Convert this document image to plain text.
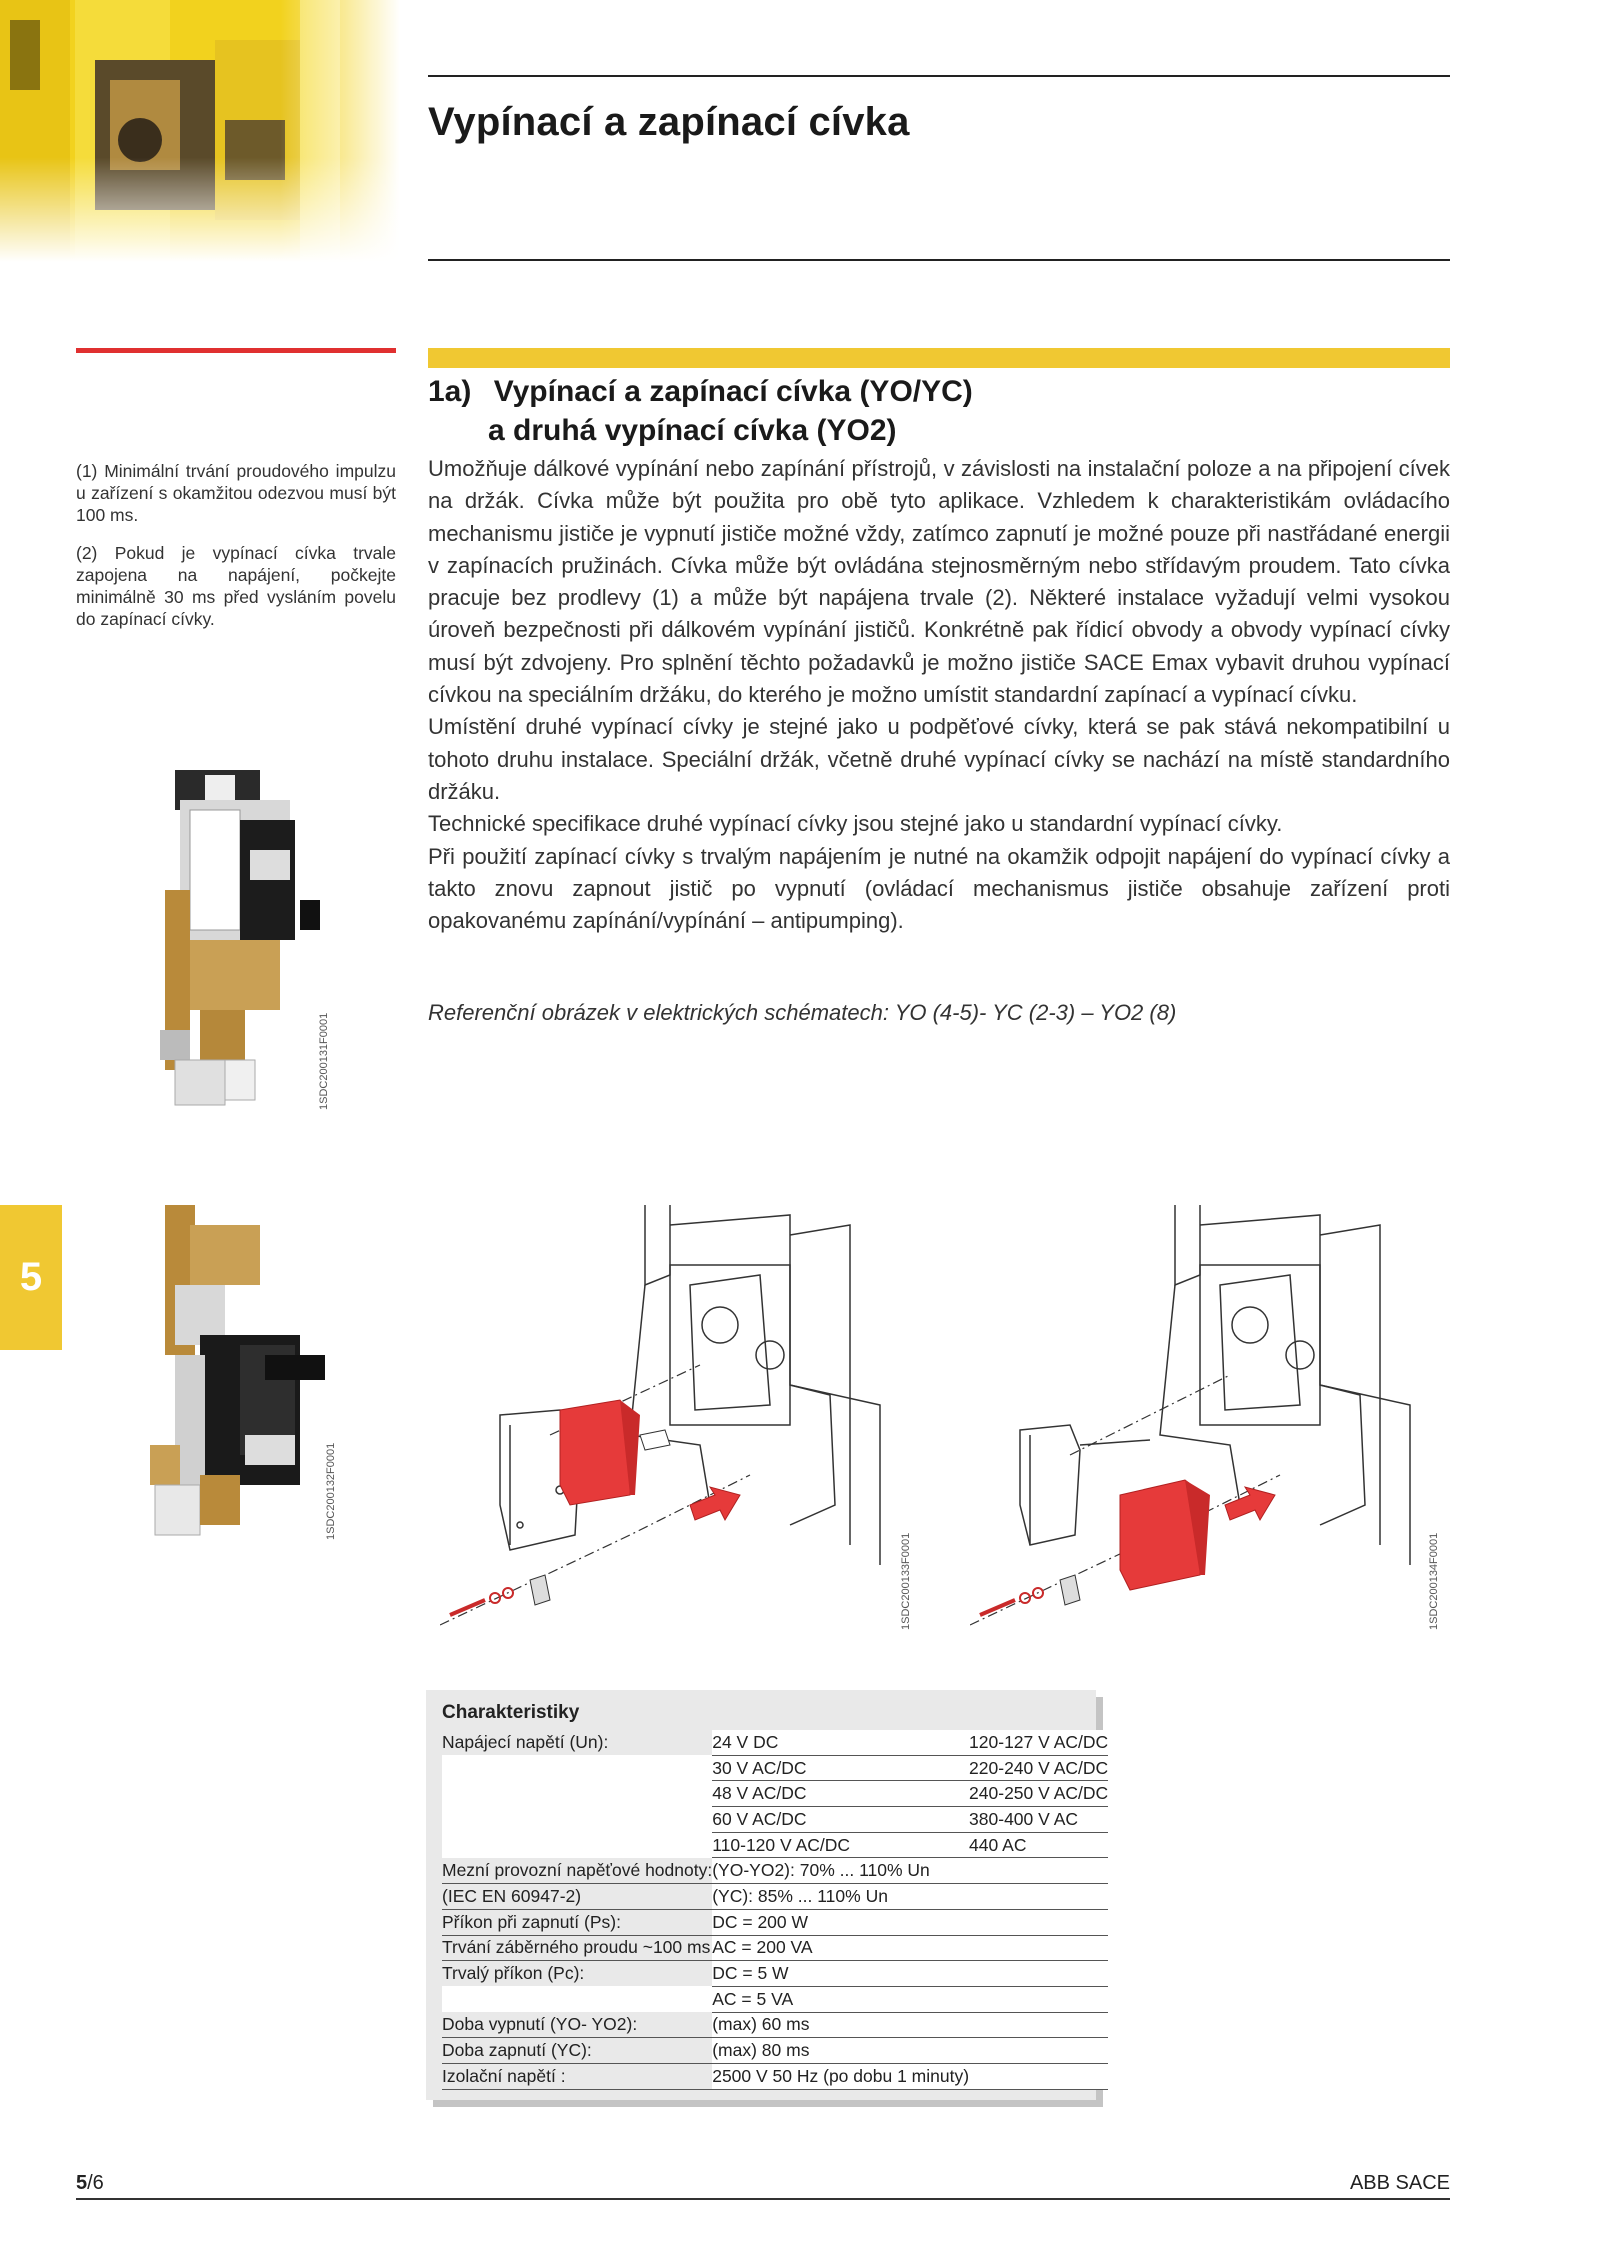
Vypínací a zapínací cívka
1a) Vypínací a zapínací cívka (YO/YC)
a druhá vypínací cívka (YO2)

(1) Minimální trvání proudového impulzu u zařízení s okamžitou odezvou musí být 100 ms.

(2) Pokud je vypínací cívka trvale zapojena na napájení, počkejte minimálně 30 ms před vysláním povelu do zapínací cívky.

Umožňuje dálkové vypínání nebo zapínání přístrojů, v závislosti na instalační poloze a na připojení cívek na držák. Cívka může být použita pro obě tyto aplikace. Vzhledem k charakteristikám ovládacího mechanismu jističe je vypnutí jističe možné vždy, zatímco zapnutí je možné pouze při nastřádané energii v zapínacích pružinách. Cívka může být ovládána stejnosměrným nebo střídavým proudem. Tato cívka pracuje bez prodlevy (1) a může být napájena trvale (2). Některé instalace vyžadují velmi vysokou úroveň bezpečnosti při dálkovém vypínání jističů. Konkrétně pak řídicí obvody a obvody vypínací cívky musí být zdvojeny. Pro splnění těchto požadavků je možno jističe SACE Emax vybavit druhou vypínací cívkou na speciálním držáku, do kterého je možno umístit standardní zapínací a vypínací cívku.

Umístění druhé vypínací cívky je stejné jako u podpěťové cívky, která se pak stává nekompatibilní u tohoto druhu instalace. Speciální držák, včetně druhé vypínací cívky se nachází na místě standardního držáku.

Technické specifikace druhé vypínací cívky jsou stejné jako u standardní vypínací cívky.

Při použití zapínací cívky s trvalým napájením je nutné na okamžik odpojit napájení do vypínací cívky a takto znovu zapnout jistič po vypnutí (ovládací mechanismus jističe obsahuje zařízení proti opakovanému zapínání/vypínání – antipumping).

Referenční obrázek v elektrických schématech: YO (4-5)- YC (2-3) – YO2 (8)
1SDC200131F0001
5
1SDC200132F0001
1SDC200133F0001	1SDC200134F0001
Charakteristiky		
Napájecí napětí (Un):	24 V DC	120-127 V AC/DC
	30 V AC/DC	220-240 V AC/DC
	48 V AC/DC	240-250 V AC/DC
	60 V AC/DC	380-400 V AC
	110-120 V AC/DC	440 AC
Mezní provozní napěťové hodnoty:	(YO-YO2): 70% ... 110% Un	
(IEC EN 60947-2)	(YC): 85% ... 110% Un	
Příkon při zapnutí (Ps):	DC = 200 W	
Trvání záběrného proudu ~100 ms	AC = 200 VA	
Trvalý příkon (Pc):	DC = 5 W	
	AC = 5 VA	
Doba vypnutí (YO- YO2):	(max) 60 ms	
Doba zapnutí (YC):	(max) 80 ms	
Izolační napětí :	2500 V 50 Hz (po dobu 1 minuty)	
5/6	ABB SACE
